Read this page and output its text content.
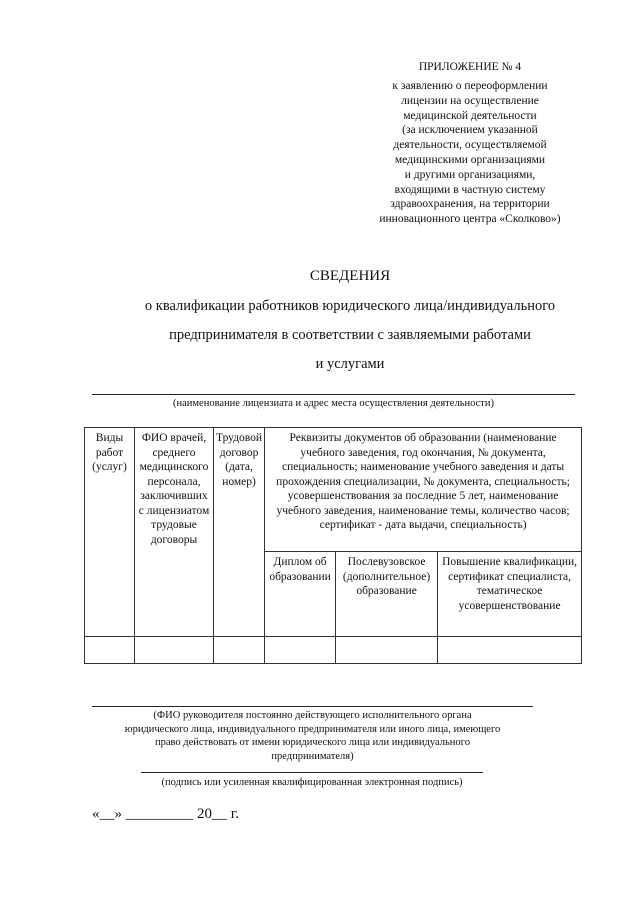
ПРИЛОЖЕНИЕ № 4
к заявлению о переоформлении
лицензии на осуществление
медицинской деятельности
(за исключением указанной
деятельности, осуществляемой
медицинскими организациями
и другими организациями,
входящими в частную систему
здравоохранения, на территории
инновационного центра «Сколково»)
СВЕДЕНИЯ
о квалификации работников юридического лица/индивидуального
предпринимателя в соответствии с заявляемыми работами
и услугами
(наименование лицензиата и адрес места осуществления деятельности)
Виды работ (услуг)	ФИО врачей, среднего медицинского персонала, заключивших с лицензиатом трудовые договоры	Трудовой договор (дата, номер)	Реквизиты документов об образовании (наименование учебного заведения, год окончания, № документа, специальность; наименование учебного заведения и даты прохождения специализации, № документа, специальность; усовершенствования за последние 5 лет, наименование учебного заведения, наименование темы, количество часов; сертификат - дата выдачи, специальность)		
			Диплом об образовании	Послевузовское (дополнительное) образование	Повышение квалификации, сертификат специалиста, тематическое усовершенствование

(ФИО руководителя постоянно действующего исполнительного органа
юридического лица, индивидуального предпринимателя или иного лица, имеющего
право действовать от имени юридического лица или индивидуального
предпринимателя)
(подпись или усиленная квалифицированная электронная подпись)
«__» _________ 20__ г.
